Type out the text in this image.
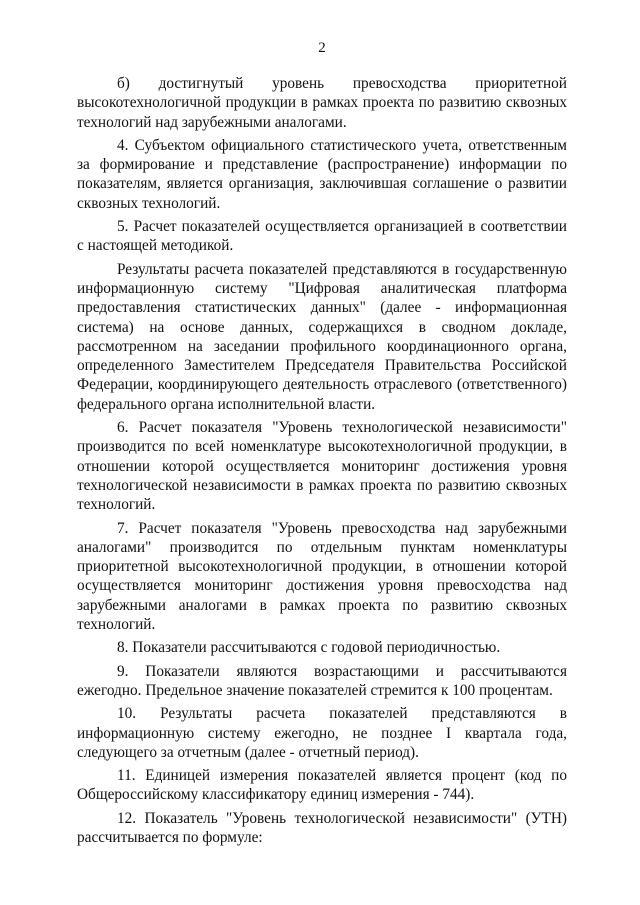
2

б) достигнутый уровень превосходства приоритетной высокотехнологичной продукции в рамках проекта по развитию сквозных технологий над зарубежными аналогами.

4. Субъектом официального статистического учета, ответственным за формирование и представление (распространение) информации по показателям, является организация, заключившая соглашение о развитии сквозных технологий.

5. Расчет показателей осуществляется организацией в соответствии с настоящей методикой.

Результаты расчета показателей представляются в государственную информационную систему "Цифровая аналитическая платформа предоставления статистических данных" (далее - информационная система) на основе данных, содержащихся в сводном докладе, рассмотренном на заседании профильного координационного органа, определенного Заместителем Председателя Правительства Российской Федерации, координирующего деятельность отраслевого (ответственного) федерального органа исполнительной власти.

6. Расчет показателя "Уровень технологической независимости" производится по всей номенклатуре высокотехнологичной продукции, в отношении которой осуществляется мониторинг достижения уровня технологической независимости в рамках проекта по развитию сквозных технологий.

7. Расчет показателя "Уровень превосходства над зарубежными аналогами" производится по отдельным пунктам номенклатуры приоритетной высокотехнологичной продукции, в отношении которой осуществляется мониторинг достижения уровня превосходства над зарубежными аналогами в рамках проекта по развитию сквозных технологий.

8. Показатели рассчитываются с годовой периодичностью.

9. Показатели являются возрастающими и рассчитываются ежегодно. Предельное значение показателей стремится к 100 процентам.

10. Результаты расчета показателей представляются в информационную систему ежегодно, не позднее I квартала года, следующего за отчетным (далее - отчетный период).

11. Единицей измерения показателей является процент (код по Общероссийскому классификатору единиц измерения - 744).

12. Показатель "Уровень технологической независимости" (УТН) рассчитывается по формуле:
